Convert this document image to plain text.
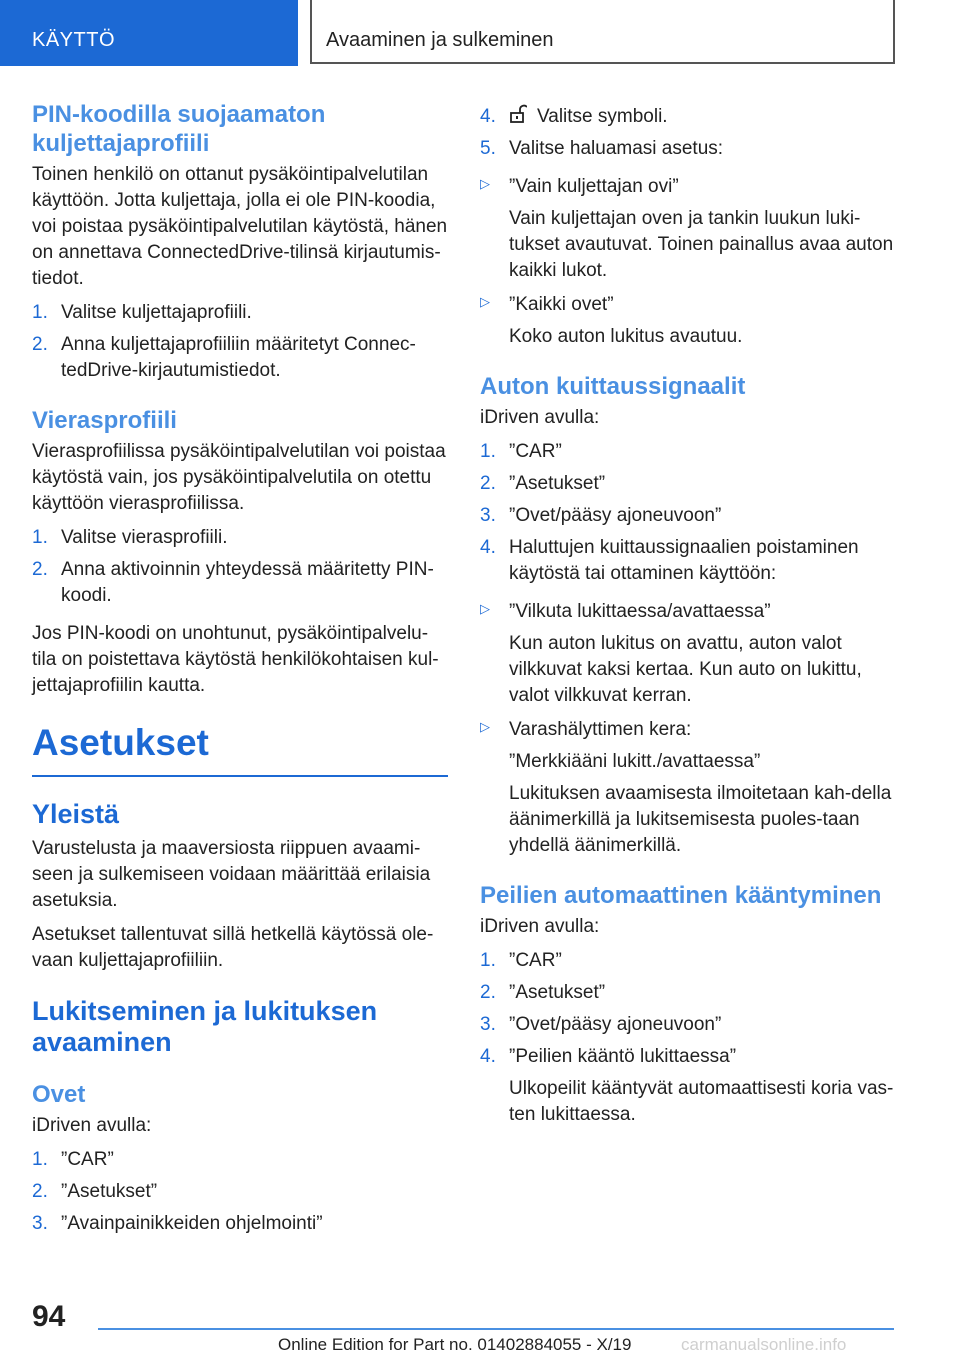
KÄYTTÖ	Avaaminen ja sulkeminen
PIN-koodilla suojaamaton kuljettajaprofiili
Toinen henkilö on ottanut pysäköintipalvelutilan käyttöön. Jotta kuljettaja, jolla ei ole PIN-koodia, voi poistaa pysäköintipalvelutilan käytöstä, hänen on annettava ConnectedDrive-tilinsä kirjautumis-tiedot.
1. Valitse kuljettajaprofiili.
2. Anna kuljettajaprofiiliin määritetyt Connec-tedDrive-kirjautumistiedot.
Vierasprofiili
Vierasprofiilissa pysäköintipalvelutilan voi poistaa käytöstä vain, jos pysäköintipalvelutila on otettu käyttöön vierasprofiilissa.
1. Valitse vierasprofiili.
2. Anna aktivoinnin yhteydessä määritetty PIN-koodi.
Jos PIN-koodi on unohtunut, pysäköintipalvelu-tila on poistettava käytöstä henkilökohtaisen kul-jettajaprofiilin kautta.
Asetukset
Yleistä
Varustelusta ja maaversiosta riippuen avaami-seen ja sulkemiseen voidaan määrittää erilaisia asetuksia.
Asetukset tallentuvat sillä hetkellä käytössä ole-vaan kuljettajaprofiiliin.
Lukitseminen ja lukituksen avaaminen
Ovet
iDriven avulla:
1. ”CAR”
2. ”Asetukset”
3. ”Avainpainikkeiden ohjelmointi”
4. Valitse symboli.
5. Valitse haluamasi asetus:
▷ ”Vain kuljettajan ovi”
Vain kuljettajan oven ja tankin luukun luki-tukset avautuvat. Toinen painallus avaa auton kaikki lukot.
▷ ”Kaikki ovet”
Koko auton lukitus avautuu.
Auton kuittaussignaalit
iDriven avulla:
1. ”CAR”
2. ”Asetukset”
3. ”Ovet/pääsy ajoneuvoon”
4. Haluttujen kuittaussignaalien poistaminen käytöstä tai ottaminen käyttöön:
▷ ”Vilkuta lukittaessa/avattaessa”
Kun auton lukitus on avattu, auton valot vilkkuvat kaksi kertaa. Kun auto on lukittu, valot vilkkuvat kerran.
▷ Varashälyttimen kera:
”Merkkiääni lukitt./avattaessa”
Lukituksen avaamisesta ilmoitetaan kah-della äänimerkillä ja lukitsemisesta puoles-taan yhdellä äänimerkillä.
Peilien automaattinen kääntyminen
iDriven avulla:
1. ”CAR”
2. ”Asetukset”
3. ”Ovet/pääsy ajoneuvoon”
4. ”Peilien kääntö lukittaessa”
Ulkopeilit kääntyvät automaattisesti koria vas-ten lukittaessa.
94
Online Edition for Part no. 01402884055 - X/19	carmanualsonline.info
